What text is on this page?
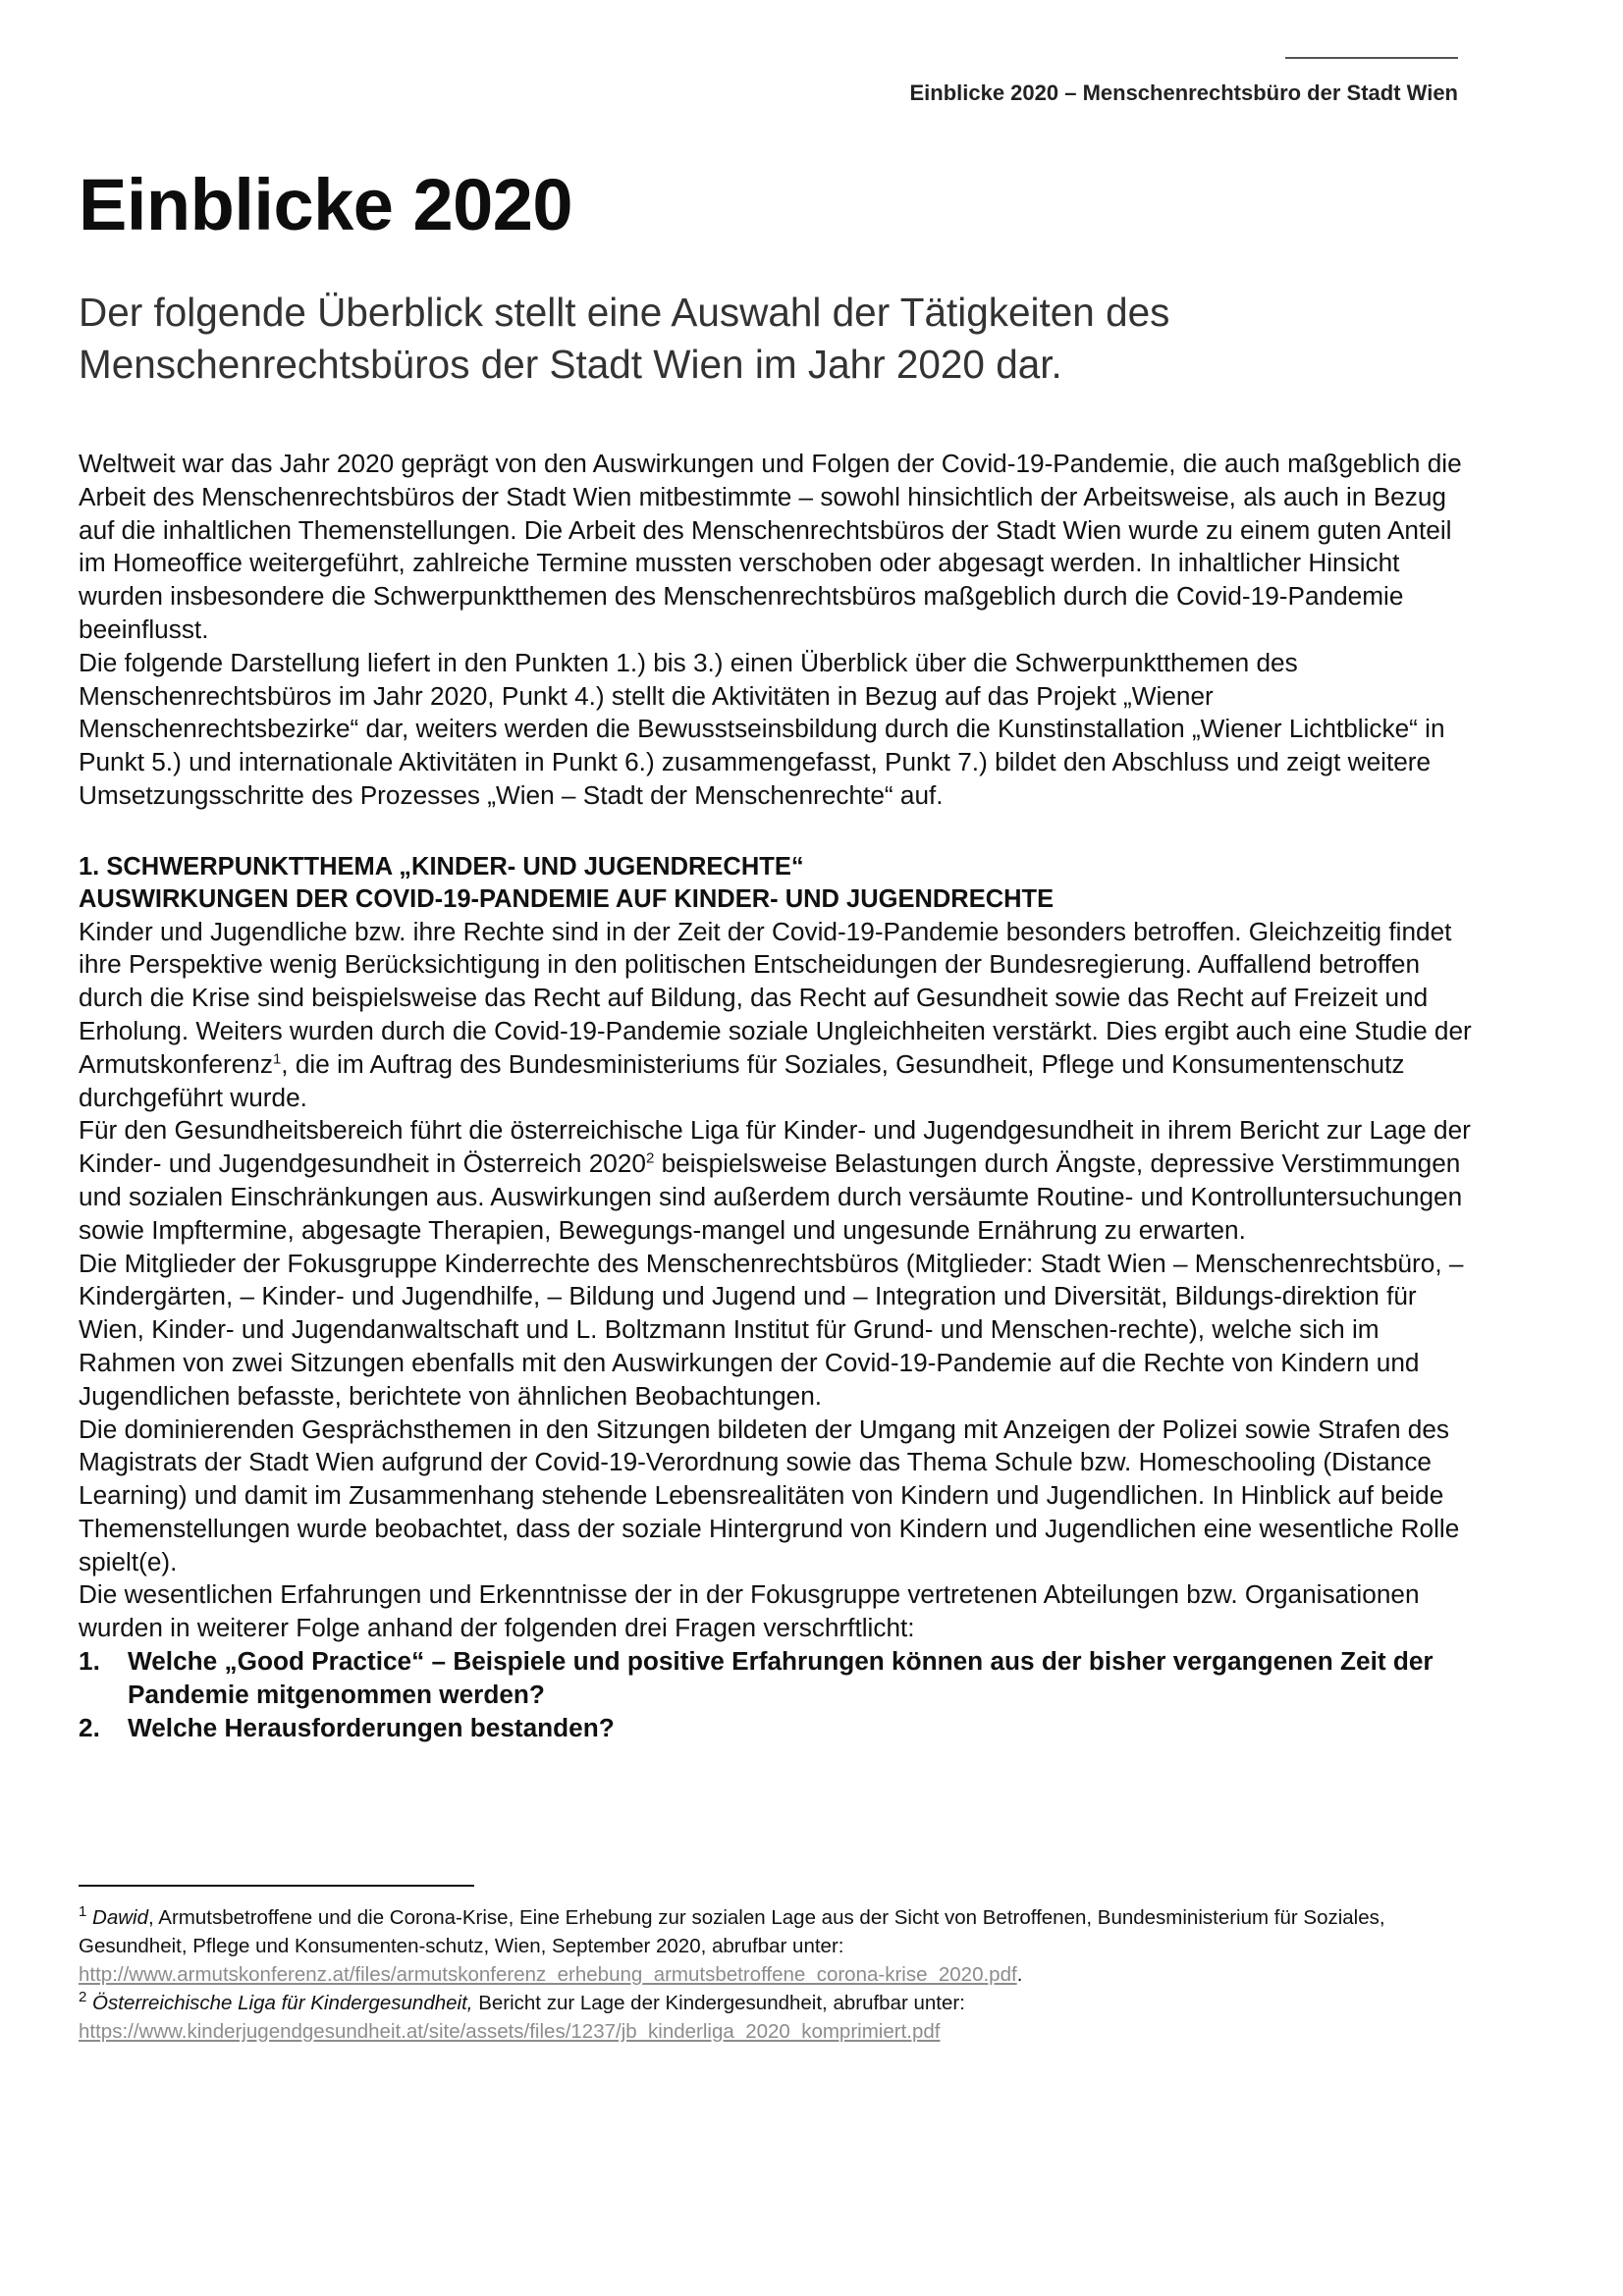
Einblicke 2020 – Menschenrechtsbüro der Stadt Wien
Einblicke 2020
Der folgende Überblick stellt eine Auswahl der Tätigkeiten des Menschenrechtsbüros der Stadt Wien im Jahr 2020 dar.

Weltweit war das Jahr 2020 geprägt von den Auswirkungen und Folgen der Covid-19-Pandemie, die auch maßgeblich die Arbeit des Menschenrechtsbüros der Stadt Wien mitbestimmte – sowohl hinsichtlich der Arbeitsweise, als auch in Bezug auf die inhaltlichen Themenstellungen. Die Arbeit des Menschenrechtsbüros der Stadt Wien wurde zu einem guten Anteil im Homeoffice weitergeführt, zahlreiche Termine mussten verschoben oder abgesagt werden. In inhaltlicher Hinsicht wurden insbesondere die Schwerpunktthemen des Menschenrechtsbüros maßgeblich durch die Covid-19-Pandemie beeinflusst.

Die folgende Darstellung liefert in den Punkten 1.) bis 3.) einen Überblick über die Schwerpunktthemen des Menschenrechtsbüros im Jahr 2020, Punkt 4.) stellt die Aktivitäten in Bezug auf das Projekt „Wiener Menschenrechtsbezirke“ dar, weiters werden die Bewusstseinsbildung durch die Kunstinstallation „Wiener Lichtblicke“ in Punkt 5.) und internationale Aktivitäten in Punkt 6.) zusammengefasst, Punkt 7.) bildet den Abschluss und zeigt weitere Umsetzungsschritte des Prozesses „Wien – Stadt der Menschenrechte“ auf.

1. SCHWERPUNKTTHEMA „KINDER- UND JUGENDRECHTE“
AUSWIRKUNGEN DER COVID-19-PANDEMIE AUF KINDER- UND JUGENDRECHTE

Kinder und Jugendliche bzw. ihre Rechte sind in der Zeit der Covid-19-Pandemie besonders betroffen. Gleichzeitig findet ihre Perspektive wenig Berücksichtigung in den politischen Entscheidungen der Bundesregierung. Auffallend betroffen durch die Krise sind beispielsweise das Recht auf Bildung, das Recht auf Gesundheit sowie das Recht auf Freizeit und Erholung. Weiters wurden durch die Covid-19-Pandemie soziale Ungleichheiten verstärkt. Dies ergibt auch eine Studie der Armutskonferenz$^1$, die im Auftrag des Bundesministeriums für Soziales, Gesundheit, Pflege und Konsumentenschutz durchgeführt wurde.

Für den Gesundheitsbereich führt die österreichische Liga für Kinder- und Jugendgesundheit in ihrem Bericht zur Lage der Kinder- und Jugendgesundheit in Österreich 2020$^2$ beispielsweise Belastungen durch Ängste, depressive Verstimmungen und sozialen Einschränkungen aus. Auswirkungen sind außerdem durch versäumte Routine- und Kontrolluntersuchungen sowie Impftermine, abgesagte Therapien, Bewegungs-mangel und ungesunde Ernährung zu erwarten.

Die Mitglieder der Fokusgruppe Kinderrechte des Menschenrechtsbüros (Mitglieder: Stadt Wien – Menschenrechtsbüro, – Kindergärten, – Kinder- und Jugendhilfe, – Bildung und Jugend und – Integration und Diversität, Bildungs-direktion für Wien, Kinder- und Jugendanwaltschaft und L. Boltzmann Institut für Grund- und Menschen-rechte), welche sich im Rahmen von zwei Sitzungen ebenfalls mit den Auswirkungen der Covid-19-Pandemie auf die Rechte von Kindern und Jugendlichen befasste, berichtete von ähnlichen Beobachtungen.

Die dominierenden Gesprächsthemen in den Sitzungen bildeten der Umgang mit Anzeigen der Polizei sowie Strafen des Magistrats der Stadt Wien aufgrund der Covid-19-Verordnung sowie das Thema Schule bzw. Homeschooling (Distance Learning) und damit im Zusammenhang stehende Lebensrealitäten von Kindern und Jugendlichen. In Hinblick auf beide Themenstellungen wurde beobachtet, dass der soziale Hintergrund von Kindern und Jugendlichen eine wesentliche Rolle spielt(e).

Die wesentlichen Erfahrungen und Erkenntnisse der in der Fokusgruppe vertretenen Abteilungen bzw. Organisationen wurden in weiterer Folge anhand der folgenden drei Fragen verschrftlicht:

1. Welche „Good Practice“ – Beispiele und positive Erfahrungen können aus der bisher vergangenen Zeit der Pandemie mitgenommen werden?
2. Welche Herausforderungen bestanden?

$^1$ Dawid, Armutsbetroffene und die Corona-Krise, Eine Erhebung zur sozialen Lage aus der Sicht von Betroffenen, Bundesministerium für Soziales, Gesundheit, Pflege und Konsumenten-schutz, Wien, September 2020, abrufbar unter:
http://www.armutskonferenz.at/files/armutskonferenz_erhebung_armutsbetroffene_corona-krise_2020.pdf.

$^2$ Österreichische Liga für Kindergesundheit, Bericht zur Lage der Kindergesundheit, abrufbar unter:
https://www.kinderjugendgesundheit.at/site/assets/files/1237/jb_kinderliga_2020_komprimiert.pdf
